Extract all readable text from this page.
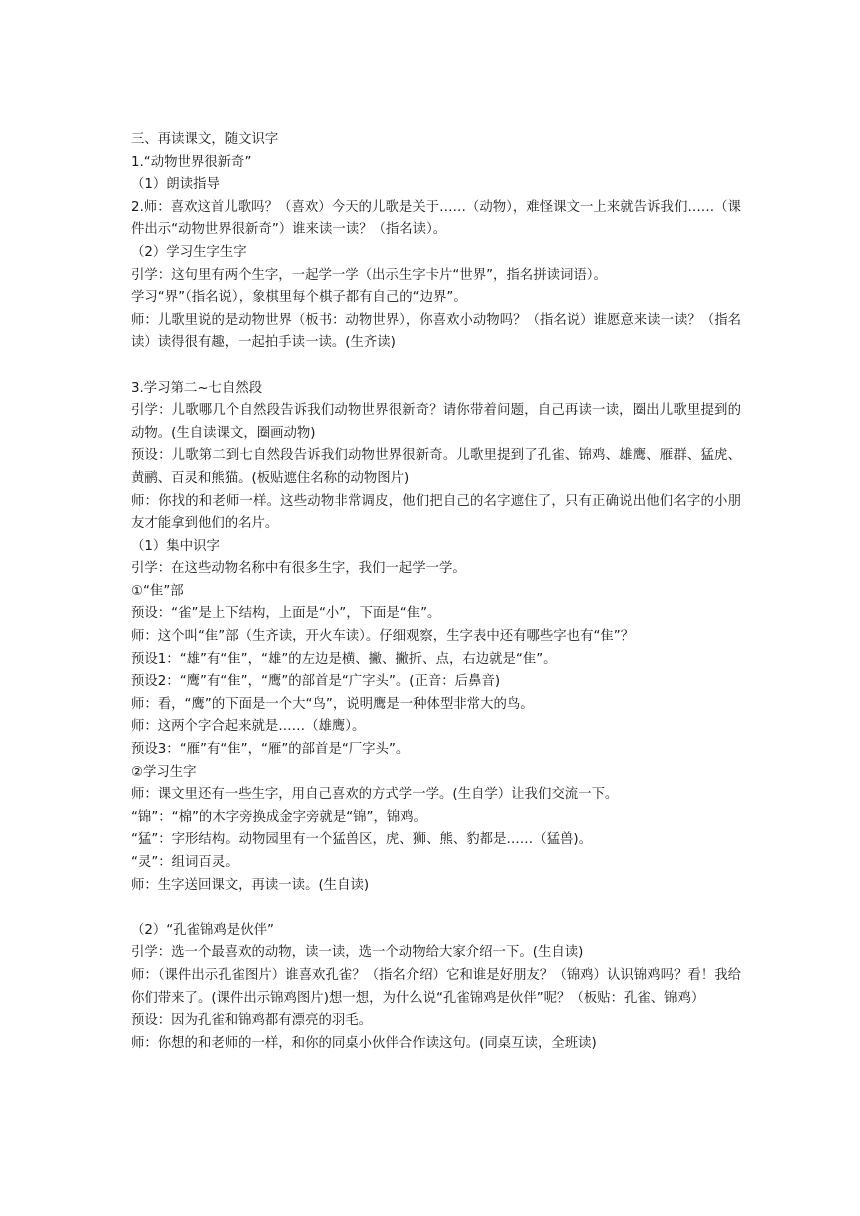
三、再读课文，随文识字

1.“动物世界很新奇”

（1）朗读指导

2.师：喜欢这首儿歌吗？（喜欢）今天的儿歌是关于……（动物），难怪课文一上来就告诉我们……（课件出示“动物世界很新奇”）谁来读一读？（指名读）。

（2）学习生字生字

引学：这句里有两个生字，一起学一学（出示生字卡片“世界”，指名拼读词语）。

学习“界”（指名说），象棋里每个棋子都有自己的“边界”。

师：儿歌里说的是动物世界（板书：动物世界），你喜欢小动物吗？（指名说）谁愿意来读一读？（指名读）读得很有趣，一起拍手读一读。(生齐读)

3.学习第二~七自然段

引学：儿歌哪几个自然段告诉我们动物世界很新奇？请你带着问题，自己再读一读，圈出儿歌里提到的动物。(生自读课文，圈画动物)

预设：儿歌第二到七自然段告诉我们动物世界很新奇。儿歌里提到了孔雀、锦鸡、雄鹰、雁群、猛虎、黄鹂、百灵和熊猫。(板贴遮住名称的动物图片)

师：你找的和老师一样。这些动物非常调皮，他们把自己的名字遮住了，只有正确说出他们名字的小朋友才能拿到他们的名片。

（1）集中识字

引学：在这些动物名称中有很多生字，我们一起学一学。

①“隹”部

预设：“雀”是上下结构，上面是“小”，下面是“隹”。

师：这个叫“隹”部（生齐读，开火车读）。仔细观察，生字表中还有哪些字也有“隹”？

预设1：“雄”有“隹”，“雄”的左边是横、撇、撇折、点，右边就是“隹”。

预设2：“鹰”有“隹”，“鹰”的部首是“广字头”。(正音：后鼻音)

师：看，“鹰”的下面是一个大“鸟”，说明鹰是一种体型非常大的鸟。

师：这两个字合起来就是……（雄鹰）。

预设3：“雁”有“隹”，“雁”的部首是“厂字头”。

②学习生字

师：课文里还有一些生字，用自己喜欢的方式学一学。(生自学）让我们交流一下。

“锦”：“棉”的木字旁换成金字旁就是“锦”，锦鸡。

“猛”：字形结构。动物园里有一个猛兽区，虎、狮、熊、豹都是……（猛兽)。

“灵”：组词百灵。

师：生字送回课文，再读一读。(生自读)

（2）“孔雀锦鸡是伙伴”

引学：选一个最喜欢的动物，读一读，选一个动物给大家介绍一下。(生自读)

师：（课件出示孔雀图片）谁喜欢孔雀？（指名介绍）它和谁是好朋友？（锦鸡）认识锦鸡吗？看！我给你们带来了。(课件出示锦鸡图片)想一想，为什么说“孔雀锦鸡是伙伴”呢？（板贴：孔雀、锦鸡）

预设：因为孔雀和锦鸡都有漂亮的羽毛。

师：你想的和老师的一样，和你的同桌小伙伴合作读这句。(同桌互读，全班读)
